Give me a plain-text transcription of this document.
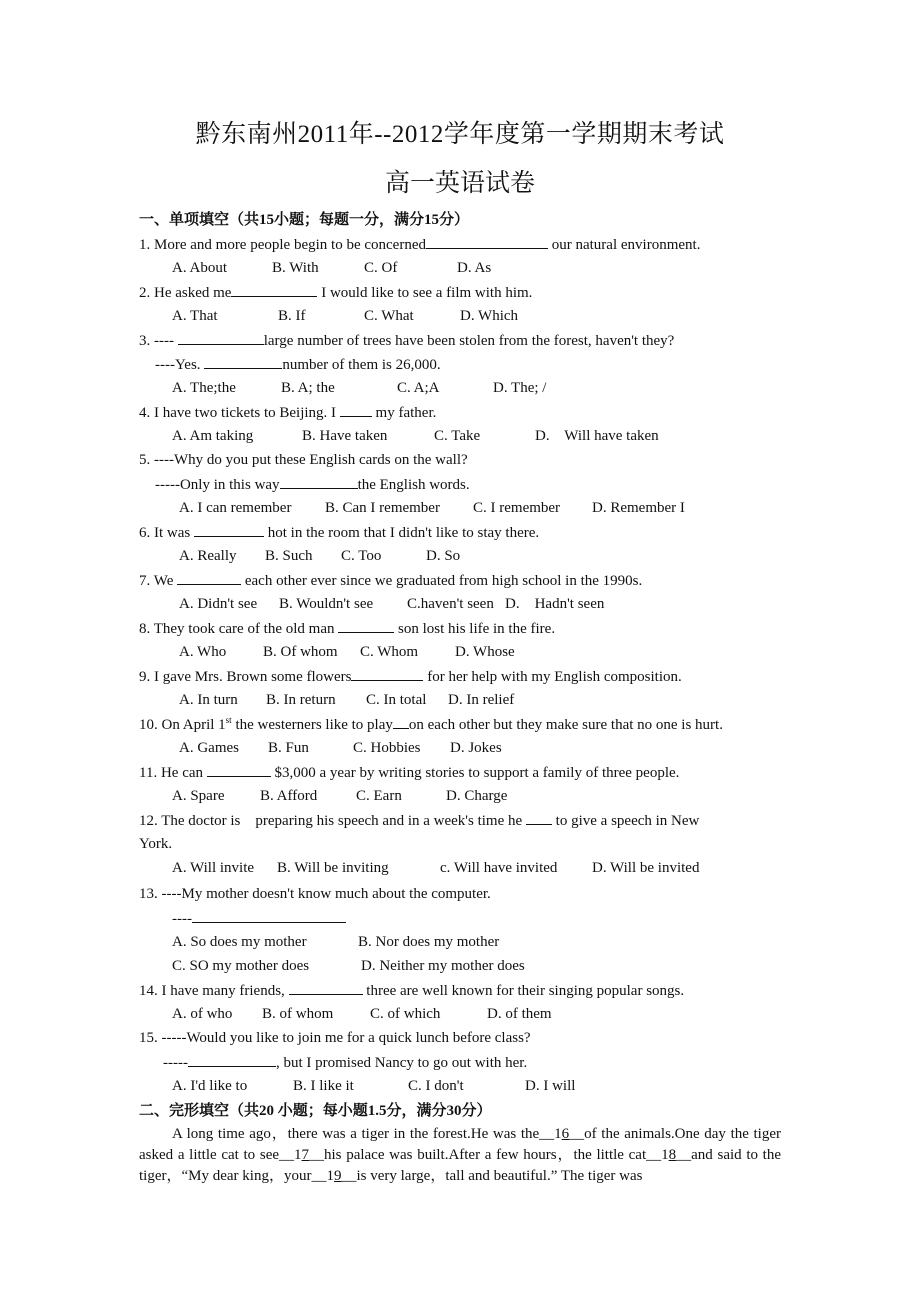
黔东南州2011年--2012学年度第一学期期末考试
高一英语试卷
一、单项填空（共15小题；每题一分，满分15分）
1. More and more people begin to be concerned	our natural environment.

A. About

	B. With

	C. Of

	D. As

2. He asked me	I would like to see a film with him.

A. That

	B. If

	C. What

	D. Which

3. ----	large number of trees have been stolen from the forest, haven't they?
----Yes.	number of them is 26,000.

A. The;the

	B. A; the

	C. A;A

	D. The; /

4. I have two tickets to Beijing. I  my father.

A. Am taking

	B. Have taken

	C. Take

	D.    Will have taken

5. ----Why do you put these English cards on the wall?
-----Only in this way	the English words.

A. I can remember

B. Can I remember

C. I remember

D. Remember I

6. It was	hot in the room that I didn't like to stay there.

A. Really

B. Such

C. Too

	D. So

7. We	each other ever since we graduated from high school in the 1990s.

A. Didn't see

B. Wouldn't see

C.haven't seen

D.    Hadn't seen

8. They took care of the old man	son lost his life in the fire.

A. Who

B. Of whom

C. Whom

D. Whose

9. I gave Mrs. Brown some flowers	for her help with my English composition.

A. In turn

B. In return

C. In total

D. In relief

10. On April 1st the westerners like to play on each other but they make sure that no one is hurt.

A. Games

B. Fun

	C. Hobbies

D. Jokes

11. He can	$3,000 a year by writing stories to support a family of three people.

A. Spare

B. Afford

	C. Earn

	D. Charge

12. The doctor is    preparing his speech and in a week's time he  to give a speech in New
York.

A. Will invite

B. Will be inviting

	c. Will have invited

D. Will be invited

13. ----My mother doesn't know much about the computer.
----

A. So does my mother

	B. Nor does my mother

C. SO my mother does

	D. Neither my mother does

14. I have many friends,	three are well known for their singing popular songs.

A. of who

B. of whom

C. of which

	D. of them

15. -----Would you like to join me for a quick lunch before class?
-----	, but I promised Nancy to go out with her.

A. I'd like to

	B. I like it

	C. I don't

	D. I will

二、完形填空（共20 小题；每小题1.5分，满分30分）
A long time ago，there was a tiger in the forest.He was the__16__of the animals.One day the tiger asked a little cat to see__17__his palace was built.After a few hours，the little cat__18__and said to the tiger，“My dear king，your__19__is very large，tall and beautiful.” The tiger was
